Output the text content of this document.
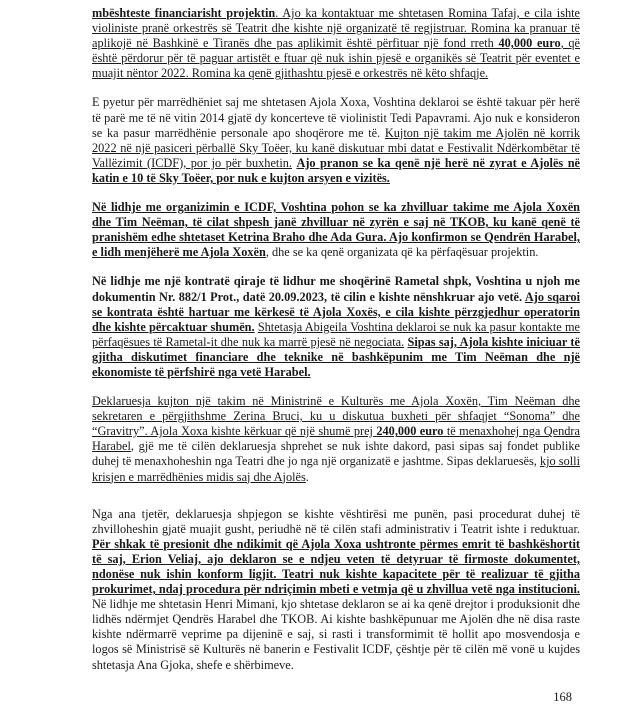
mbështeste financiarisht projektin. Ajo ka kontaktuar me shtetasen Romina Tafaj, e cila ishte violiniste pranë orkestrës së Teatrit dhe kishte një organizatë të regjistruar. Romina ka pranuar të aplikojë në Bashkinë e Tiranës dhe pas aplikimit është përfituar një fond rreth 40,000 euro, që është përdorur për të paguar artistët e ftuar që nuk ishin pjesë e organikës së Teatrit për eventet e muajit nëntor 2022. Romina ka qenë gjithashtu pjesë e orkestrës në këto shfaqje.

E pyetur për marrëdhëniet saj me shtetasen Ajola Xoxa, Voshtina deklaroi se është takuar për herë të parë me të në vitin 2014 gjatë dy koncerteve të violinistit Tedi Papavrami. Ajo nuk e konsideron se ka pasur marrëdhënie personale apo shoqërore me të. Kujton një takim me Ajolën në korrik 2022 në një pasiceri përballë Sky Toëer, ku kanë diskutuar mbi datat e Festivalit Ndërkombëtar të Vallëzimit (ICDF), por jo për buxhetin. Ajo pranon se ka qenë një herë në zyrat e Ajolës në katin e 10 të Sky Toëer, por nuk e kujton arsyen e vizitës.

Në lidhje me organizimin e ICDF, Voshtina pohon se ka zhvilluar takime me Ajola Xoxën dhe Tim Neëman, të cilat shpesh janë zhvilluar në zyrën e saj në TKOB, ku kanë qenë të pranishëm edhe shtetaset Ketrina Braho dhe Ada Gura. Ajo konfirmon se Qendrën Harabel, e lidh menjëherë me Ajola Xoxën, dhe se ka qenë organizata që ka përfaqësuar projektin.

Në lidhje me një kontratë qiraje të lidhur me shoqërinë Rametal shpk, Voshtina u njoh me dokumentin Nr. 882/1 Prot., datë 20.09.2023, të cilin e kishte nënshkruar ajo vetë. Ajo sqaroi se kontrata është hartuar me kërkesë të Ajola Xoxës, e cila kishte përzgjedhur operatorin dhe kishte përcaktuar shumën. Shtetasja Abigeila Voshtina deklaroi se nuk ka pasur kontakte me përfaqësues të Rametal-it dhe nuk ka marrë pjesë në negociata. Sipas saj, Ajola kishte iniciuar të gjitha diskutimet financiare dhe teknike në bashkëpunim me Tim Neëman dhe një ekonomiste të përfshirë nga vetë Harabel.

Deklaruesja kujton një takim në Ministrinë e Kulturës me Ajola Xoxën, Tim Neëman dhe sekretaren e përgjithshme Zerina Bruci, ku u diskutua buxheti për shfaqjet “Sonoma” dhe “Gravitry”. Ajola Xoxa kishte kërkuar që një shumë prej 240,000 euro të menaxhohej nga Qendra Harabel, gjë me të cilën deklaruesja shprehet se nuk ishte dakord, pasi sipas saj fondet publike duhej të menaxhoheshin nga Teatri dhe jo nga një organizatë e jashtme. Sipas deklaruesës, kjo solli krisjen e marrëdhënies midis saj dhe Ajolës.

Nga ana tjetër, deklaruesja shpjegon se kishte vështirësi me punën, pasi procedurat duhej të zhvilloheshin gjatë muajit gusht, periudhë në të cilën stafi administrativ i Teatrit ishte i reduktuar. Për shkak të presionit dhe ndikimit që Ajola Xoxa ushtronte përmes emrit të bashkëshortit të saj, Erion Veliaj, ajo deklaron se e ndjeu veten të detyruar të firmoste dokumentet, ndonëse nuk ishin konform ligjit. Teatri nuk kishte kapacitete për të realizuar të gjitha prokurimet, ndaj procedura për ndriçimin mbeti e vetmja që u zhvillua vetë nga institucioni. Në lidhje me shtetasin Henri Mimani, kjo shtetase deklaron se ai ka qenë drejtor i produksionit dhe lidhës ndërmjet Qendrës Harabel dhe TKOB. Ai kishte bashkëpunuar me Ajolën dhe në disa raste kishte ndërmarrë veprime pa dijeninë e saj, si rasti i transformimit të hollit apo mosvendosja e logos së Ministrisë së Kulturës në banerin e Festivalit ICDF, çështje për të cilën më vonë u kujdes shtetasja Ana Gjoka, shefe e shërbimeve.

168
